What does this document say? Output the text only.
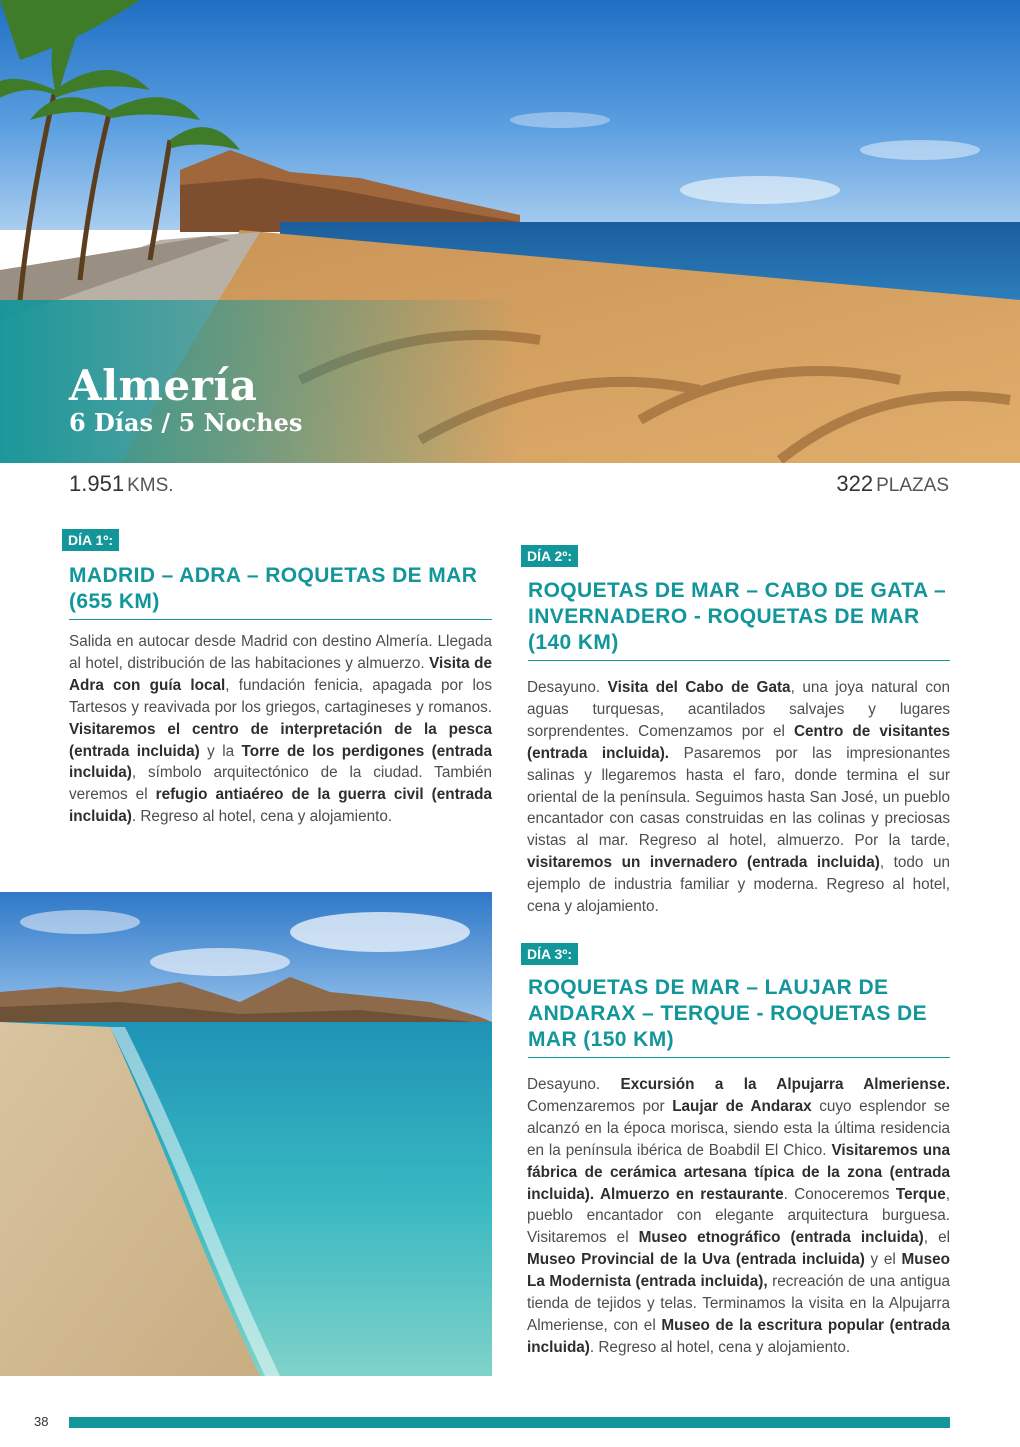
Almería
6 Días / 5 Noches
1.951 KMS.	322 PLAZAS
DÍA 1º:
MADRID – ADRA – ROQUETAS DE MAR (655 KM)

Salida en autocar desde Madrid con destino Almería. Llegada al hotel, distribución de las habitaciones y almuerzo. Visita de Adra con guía local, fundación fenicia, apagada por los Tartesos y reavivada por los griegos, cartagineses y romanos. Visitaremos el centro de interpretación de la pesca (entrada incluida) y la Torre de los perdigones (entrada incluida), símbolo arquitectónico de la ciudad. También veremos el refugio antiaéreo de la guerra civil (entrada incluida). Regreso al hotel, cena y alojamiento.

DÍA 2º:
ROQUETAS DE MAR – CABO DE GATA – INVERNADERO - ROQUETAS DE MAR (140 KM)

Desayuno. Visita del Cabo de Gata, una joya natural con aguas turquesas, acantilados salvajes y lugares sorprendentes. Comenzamos por el Centro de visitantes (entrada incluida). Pasaremos por las impresionantes salinas y llegaremos hasta el faro, donde termina el sur oriental de la península. Seguimos hasta San José, un pueblo encantador con casas construidas en las colinas y preciosas vistas al mar. Regreso al hotel, almuerzo. Por la tarde, visitaremos un invernadero (entrada incluida), todo un ejemplo de industria familiar y moderna. Regreso al hotel, cena y alojamiento.

DÍA 3º:
ROQUETAS DE MAR – LAUJAR DE ANDARAX – TERQUE - ROQUETAS DE MAR (150 KM)

Desayuno. Excursión a la Alpujarra Almeriense. Comenzaremos por Laujar de Andarax cuyo esplendor se alcanzó en la época morisca, siendo esta la última residencia en la península ibérica de Boabdil El Chico. Visitaremos una fábrica de cerámica artesana típica de la zona (entrada incluida). Almuerzo en restaurante. Conoceremos Terque, pueblo encantador con elegante arquitectura burguesa. Visitaremos el Museo etnográfico (entrada incluida), el Museo Provincial de la Uva (entrada incluida) y el Museo La Modernista (entrada incluida), recreación de una antigua tienda de tejidos y telas. Terminamos la visita en la Alpujarra Almeriense, con el Museo de la escritura popular (entrada incluida). Regreso al hotel, cena y alojamiento.

38
